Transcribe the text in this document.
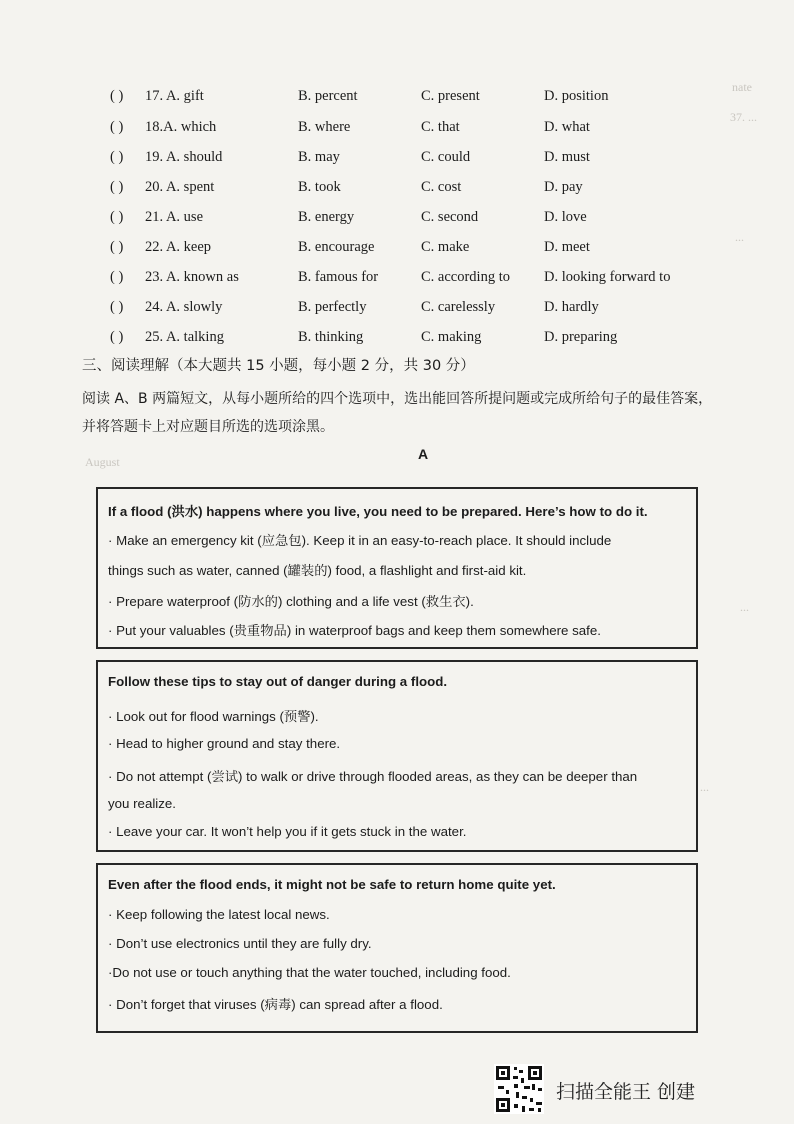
nate
37. ...
...
August
...
...
( ) 17. A. gift	B. percent	C. present	D. position
( ) 18.A. which	B. where	C. that	D. what
( ) 19. A. should	B. may	C. could	D. must
( ) 20. A. spent	B. took	C. cost	D. pay
( ) 21. A. use	B. energy	C. second	D. love
( ) 22. A. keep	B. encourage	C. make	D. meet
( ) 23. A. known as	B. famous for	C. according to D. looking forward to
( ) 24. A. slowly	B. perfectly	C. carelessly	D. hardly
( ) 25. A. talking	B. thinking	C. making	D. preparing
三、阅读理解（本大题共 15 小题，每小题 2 分，共 30 分）
阅读 A、B 两篇短文，从每小题所给的四个选项中，选出能回答所提问题或完成所给句子的最佳答案，
并将答题卡上对应题目所选的选项涂黑。
A
If a flood (洪水) happens where you live, you need to be prepared. Here’s how to do it.
· Make an emergency kit (应急包). Keep it in an easy-to-reach place. It should include
things such as water, canned (罐装的) food, a flashlight and first-aid kit.
· Prepare waterproof (防水的) clothing and a life vest (救生衣).
· Put your valuables (贵重物品) in waterproof bags and keep them somewhere safe.
Follow these tips to stay out of danger during a flood.
· Look out for flood warnings (预警).
· Head to higher ground and stay there.
· Do not attempt (尝试) to walk or drive through flooded areas, as they can be deeper than
you realize.
· Leave your car. It won’t help you if it gets stuck in the water.
Even after the flood ends, it might not be safe to return home quite yet.
· Keep following the latest local news.
· Don’t use electronics until they are fully dry.
·Do not use or touch anything that the water touched, including food.
· Don’t forget that viruses (病毒) can spread after a flood.
扫描全能王 创建
